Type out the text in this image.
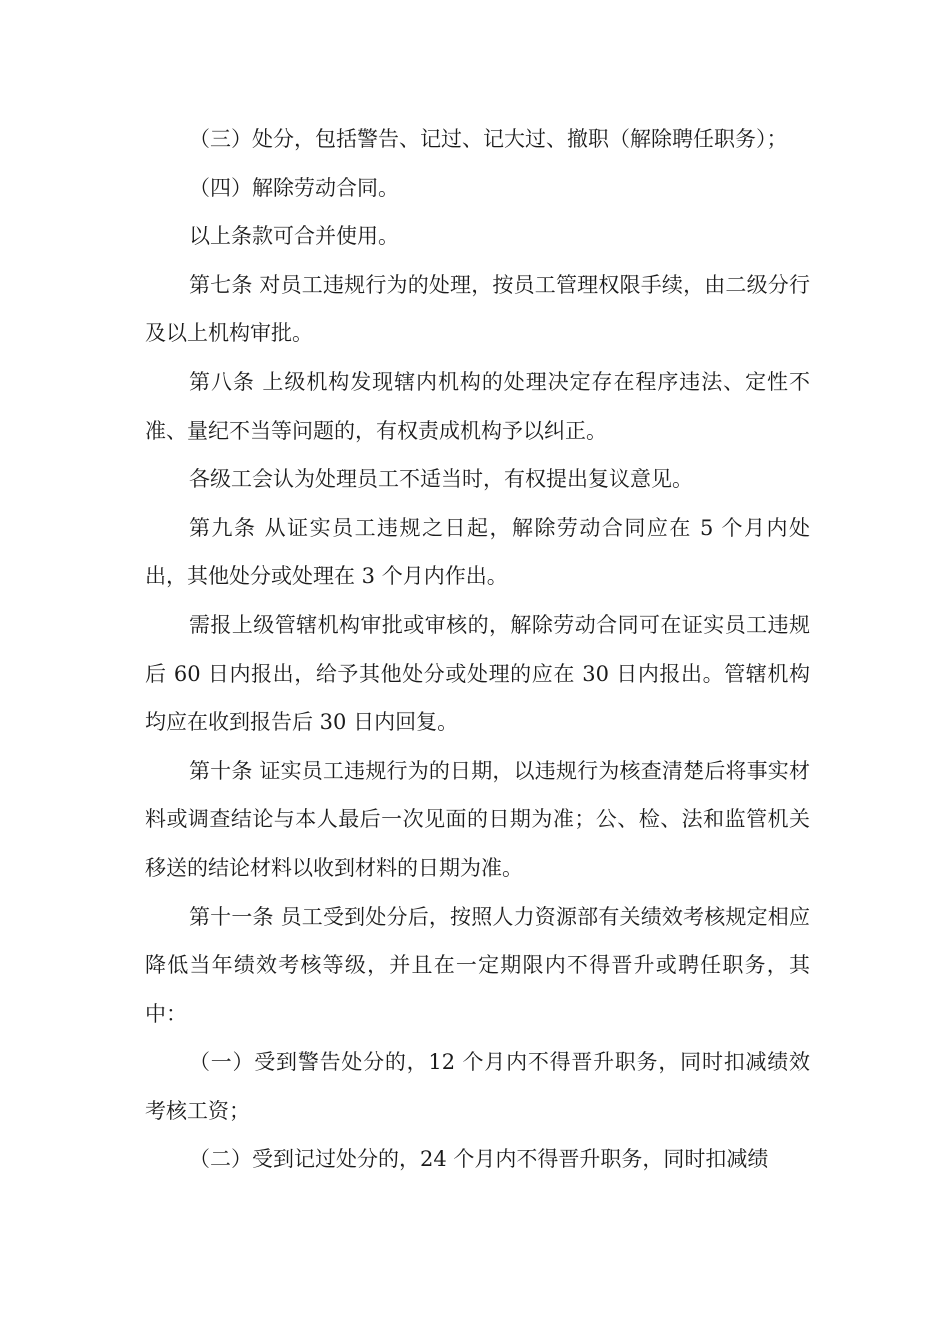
（三）处分，包括警告、记过、记大过、撤职（解除聘任职务）；

（四）解除劳动合同。

以上条款可合并使用。

第七条 对员工违规行为的处理，按员工管理权限手续，由二级分行及以上机构审批。

第八条 上级机构发现辖内机构的处理决定存在程序违法、定性不准、量纪不当等问题的，有权责成机构予以纠正。

各级工会认为处理员工不适当时，有权提出复议意见。

第九条 从证实员工违规之日起，解除劳动合同应在 5 个月内处出，其他处分或处理在 3 个月内作出。

需报上级管辖机构审批或审核的，解除劳动合同可在证实员工违规后 60 日内报出，给予其他处分或处理的应在 30 日内报出。管辖机构均应在收到报告后 30 日内回复。

第十条 证实员工违规行为的日期，以违规行为核查清楚后将事实材料或调查结论与本人最后一次见面的日期为准；公、检、法和监管机关移送的结论材料以收到材料的日期为准。

第十一条 员工受到处分后，按照人力资源部有关绩效考核规定相应降低当年绩效考核等级，并且在一定期限内不得晋升或聘任职务，其中：

（一）受到警告处分的，12 个月内不得晋升职务，同时扣减绩效考核工资；

（二）受到记过处分的，24 个月内不得晋升职务，同时扣减绩
